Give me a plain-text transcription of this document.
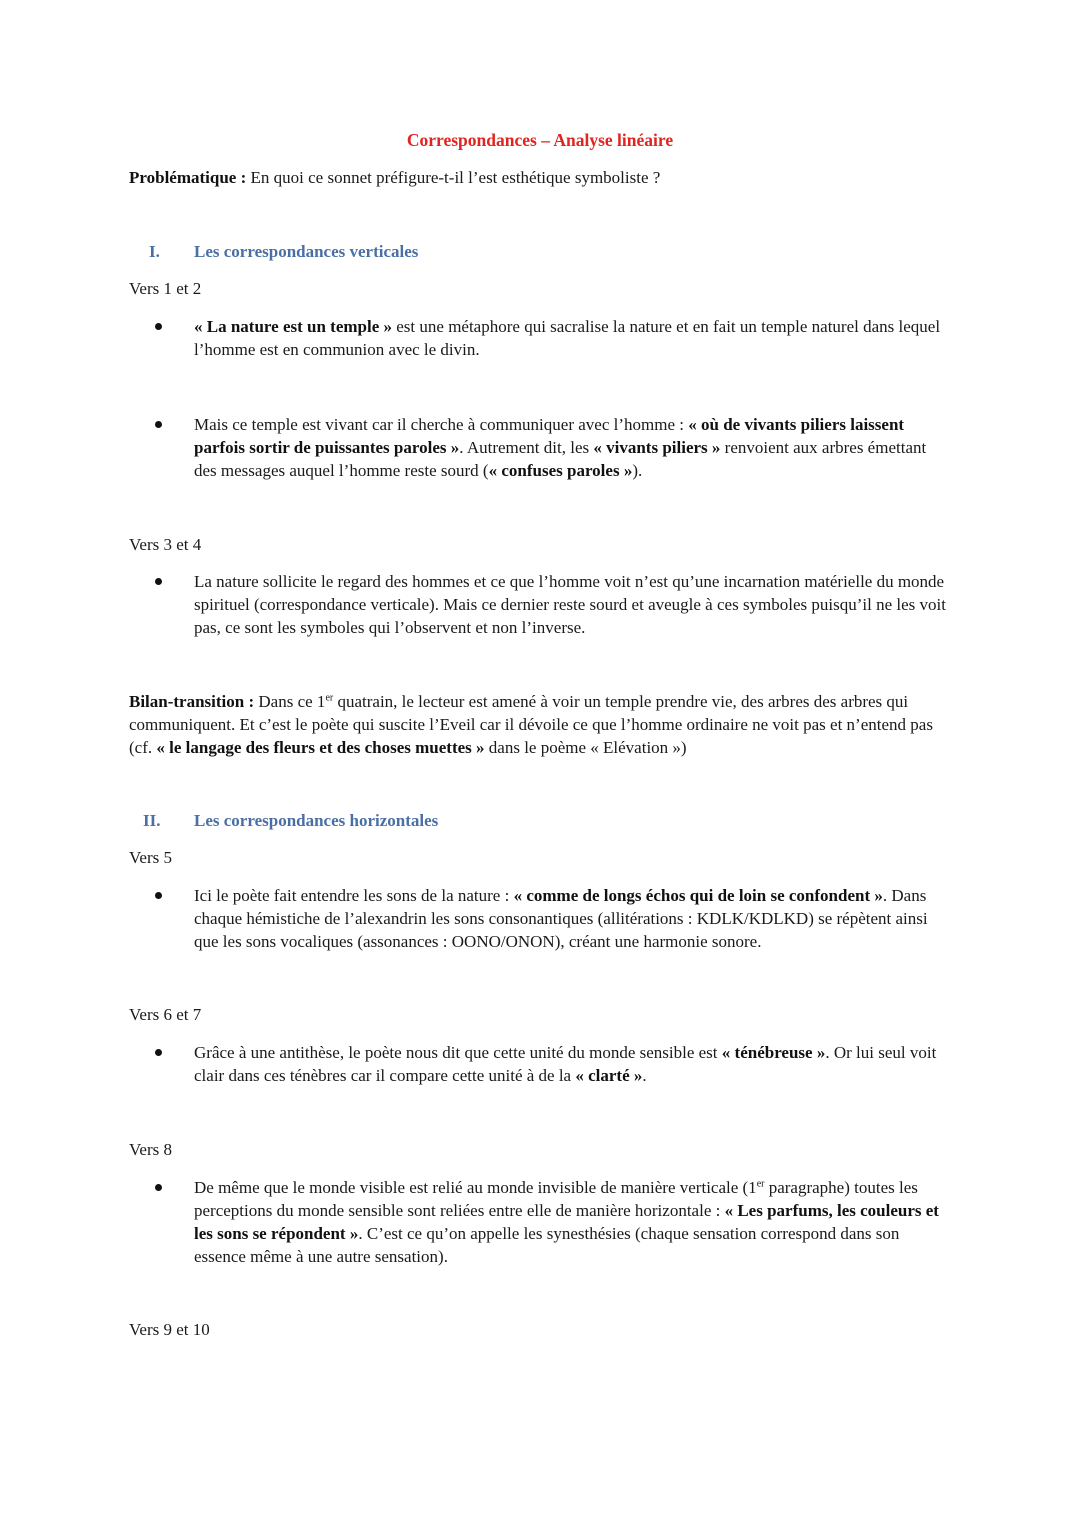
Correspondances – Analyse linéaire
Problématique : En quoi ce sonnet préfigure-t-il l’est esthétique symboliste ?
I.	Les correspondances verticales
Vers 1 et 2
« La nature est un temple » est une métaphore qui sacralise la nature et en fait un temple naturel dans lequel l’homme est en communion avec le divin.
Mais ce temple est vivant car il cherche à communiquer avec l’homme : « où de vivants piliers laissent parfois sortir de puissantes paroles ». Autrement dit, les « vivants piliers » renvoient aux arbres émettant des messages auquel l’homme reste sourd (« confuses paroles »).
Vers 3 et 4
La nature sollicite le regard des hommes et ce que l’homme voit n’est qu’une incarnation matérielle du monde spirituel (correspondance verticale). Mais ce dernier reste sourd et aveugle à ces symboles puisqu’il ne les voit pas, ce sont les symboles qui l’observent et non l’inverse.
Bilan-transition : Dans ce 1er quatrain, le lecteur est amené à voir un temple prendre vie, des arbres des arbres qui communiquent. Et c’est le poète qui suscite l’Eveil car il dévoile ce que l’homme ordinaire ne voit pas et n’entend pas (cf. « le langage des fleurs et des choses muettes » dans le poème « Elévation »)
II.	Les correspondances horizontales
Vers 5
Ici le poète fait entendre les sons de la nature : « comme de longs échos qui de loin se confondent ». Dans chaque hémistiche de l’alexandrin les sons consonantiques (allitérations : KDLK/KDLKD) se répètent ainsi que les sons vocaliques (assonances : OONO/ONON), créant une harmonie sonore.
Vers 6 et 7
Grâce à une antithèse, le poète nous dit que cette unité du monde sensible est « ténébreuse ». Or lui seul voit clair dans ces ténèbres car il compare cette unité à de la « clarté ».
Vers 8
De même que le monde visible est relié au monde invisible de manière verticale (1er paragraphe) toutes les perceptions du monde sensible sont reliées entre elle de manière horizontale : « Les parfums, les couleurs et les sons se répondent ». C’est ce qu’on appelle les synesthésies (chaque sensation correspond dans son essence même à une autre sensation).
Vers 9 et 10
